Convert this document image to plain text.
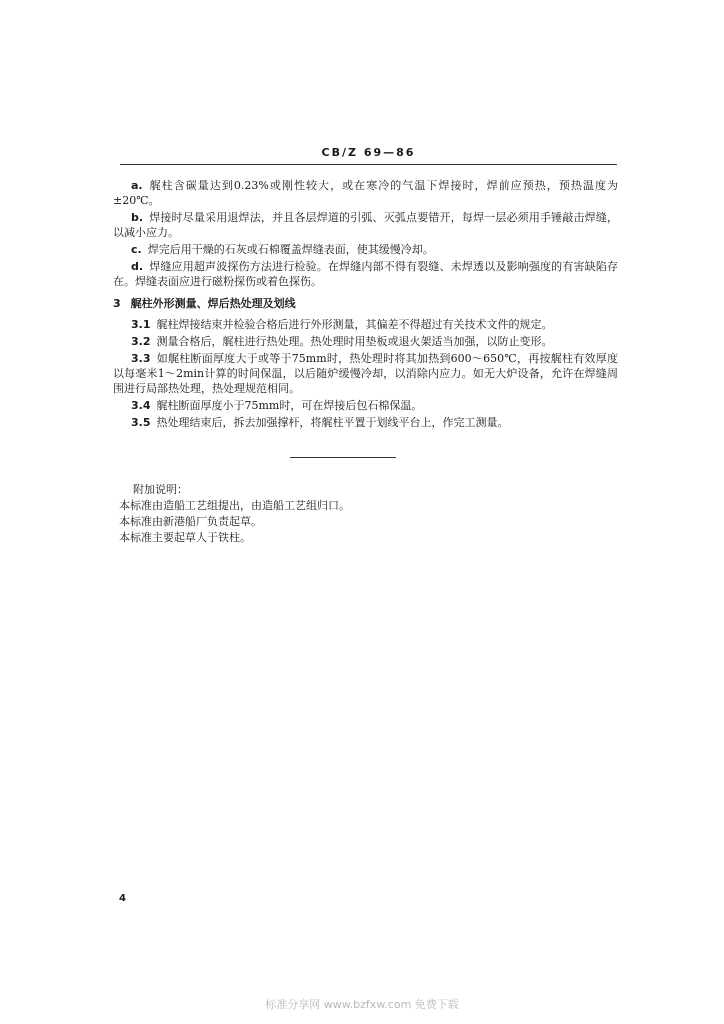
CB/Z 69—86

a. 艉柱含碳量达到0.23%或刚性较大，或在寒冷的气温下焊接时，焊前应预热，预热温度为±20℃。

b. 焊接时尽量采用退焊法，并且各层焊道的引弧、灭弧点要错开，每焊一层必须用手锤敲击焊缝，以减小应力。

c. 焊完后用干燥的石灰或石棉覆盖焊缝表面，使其缓慢冷却。

d. 焊缝应用超声波探伤方法进行检验。在焊缝内部不得有裂缝、未焊透以及影响强度的有害缺陷存在。焊缝表面应进行磁粉探伤或着色探伤。

3 艉柱外形测量、焊后热处理及划线

3.1 艉柱焊接结束并检验合格后进行外形测量，其偏差不得超过有关技术文件的规定。

3.2 测量合格后，艉柱进行热处理。热处理时用垫板或退火架适当加强，以防止变形。

3.3 如艉柱断面厚度大于或等于75mm时，热处理时将其加热到600～650℃，再按艉柱有效厚度以每毫米1～2min计算的时间保温，以后随炉缓慢冷却，以消除内应力。如无大炉设备，允许在焊缝周围进行局部热处理，热处理规范相同。

3.4 艉柱断面厚度小于75mm时，可在焊接后包石棉保温。

3.5 热处理结束后，拆去加强撑杆，将艉柱平置于划线平台上，作完工测量。

附加说明：
本标准由造船工艺组提出，由造船工艺组归口。
本标准由新港船厂负责起草。
本标准主要起草人于铁柱。
4
标准分享网 www.bzfxw.com 免费下载
